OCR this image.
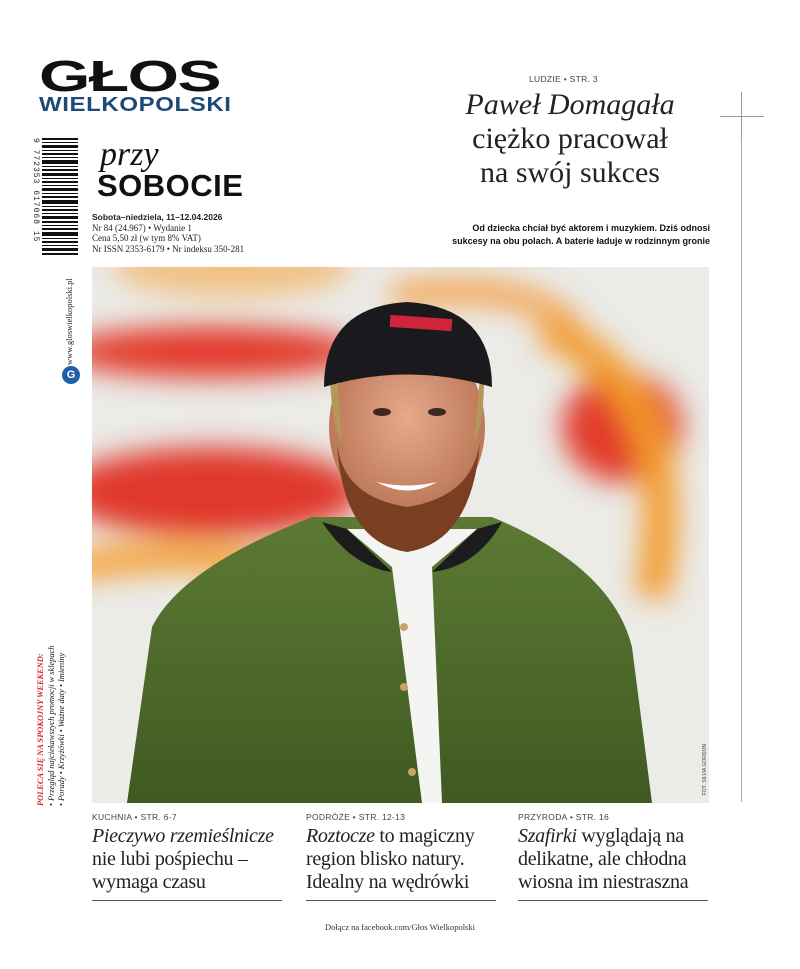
GŁOS
WIELKOPOLSKI
9 772353 617068 15 przy
SOBOCIE
Sobota–niedziela, 11–12.04.2026
Nr 84 (24.967) • Wydanie 1
Cena 5,50 zł (w tym 8% VAT)
Nr ISSN 2353-6179 • Nr indeksu 350-281
www.gloswielkopolski.pl
G
POLECA SIĘ NA SPOKOJNY WEEKEND: • Przegląd najciekawszych promocji w sklepach • Porady • Krzyżówki • Ważne daty • Imieniny
LUDZIE • STR. 3
Paweł Domagała
ciężko pracował
na swój sukces
Od dziecka chciał być aktorem i muzykiem. Dziś odnosi
sukcesy na obu polach. A baterie ładuje w rodzinnym gronie
FOT. SILVIA GORDON
KUCHNIA • STR. 6-7
Pieczywo rzemieślnicze
nie lubi pośpiechu – wymaga czasu
PODRÓŻE • STR. 12-13
Roztocze to magiczny region blisko natury. Idealny na wędrówki
PRZYRODA • STR. 16
Szafirki wyglądają na delikatne, ale chłodna wiosna im niestraszna
Dołącz na facebook.com/Głos Wielkopolski
